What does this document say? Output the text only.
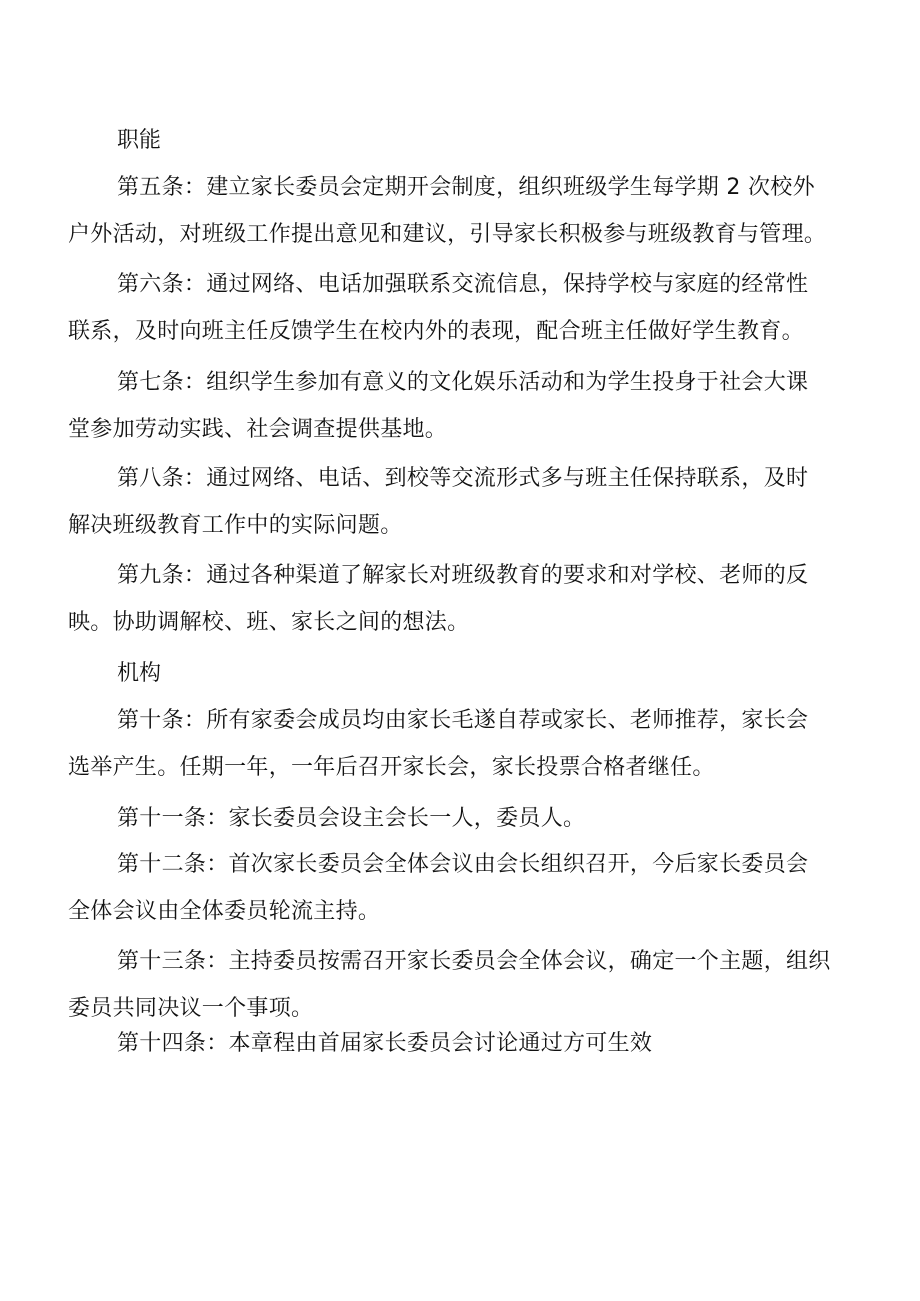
职能

第五条：建立家长委员会定期开会制度，组织班级学生每学期 2 次校外

户外活动，对班级工作提出意见和建议，引导家长积极参与班级教育与管理。

第六条：通过网络、电话加强联系交流信息，保持学校与家庭的经常性

联系，及时向班主任反馈学生在校内外的表现，配合班主任做好学生教育。

第七条：组织学生参加有意义的文化娱乐活动和为学生投身于社会大课

堂参加劳动实践、社会调查提供基地。

第八条：通过网络、电话、到校等交流形式多与班主任保持联系，及时

解决班级教育工作中的实际问题。

第九条：通过各种渠道了解家长对班级教育的要求和对学校、老师的反

映。协助调解校、班、家长之间的想法。

机构

第十条：所有家委会成员均由家长毛遂自荐或家长、老师推荐，家长会

选举产生。任期一年，一年后召开家长会，家长投票合格者继任。

第十一条：家长委员会设主会长一人，委员人。

第十二条：首次家长委员会全体会议由会长组织召开，今后家长委员会

全体会议由全体委员轮流主持。

第十三条：主持委员按需召开家长委员会全体会议，确定一个主题，组织

委员共同决议一个事项。

第十四条：本章程由首届家长委员会讨论通过方可生效
